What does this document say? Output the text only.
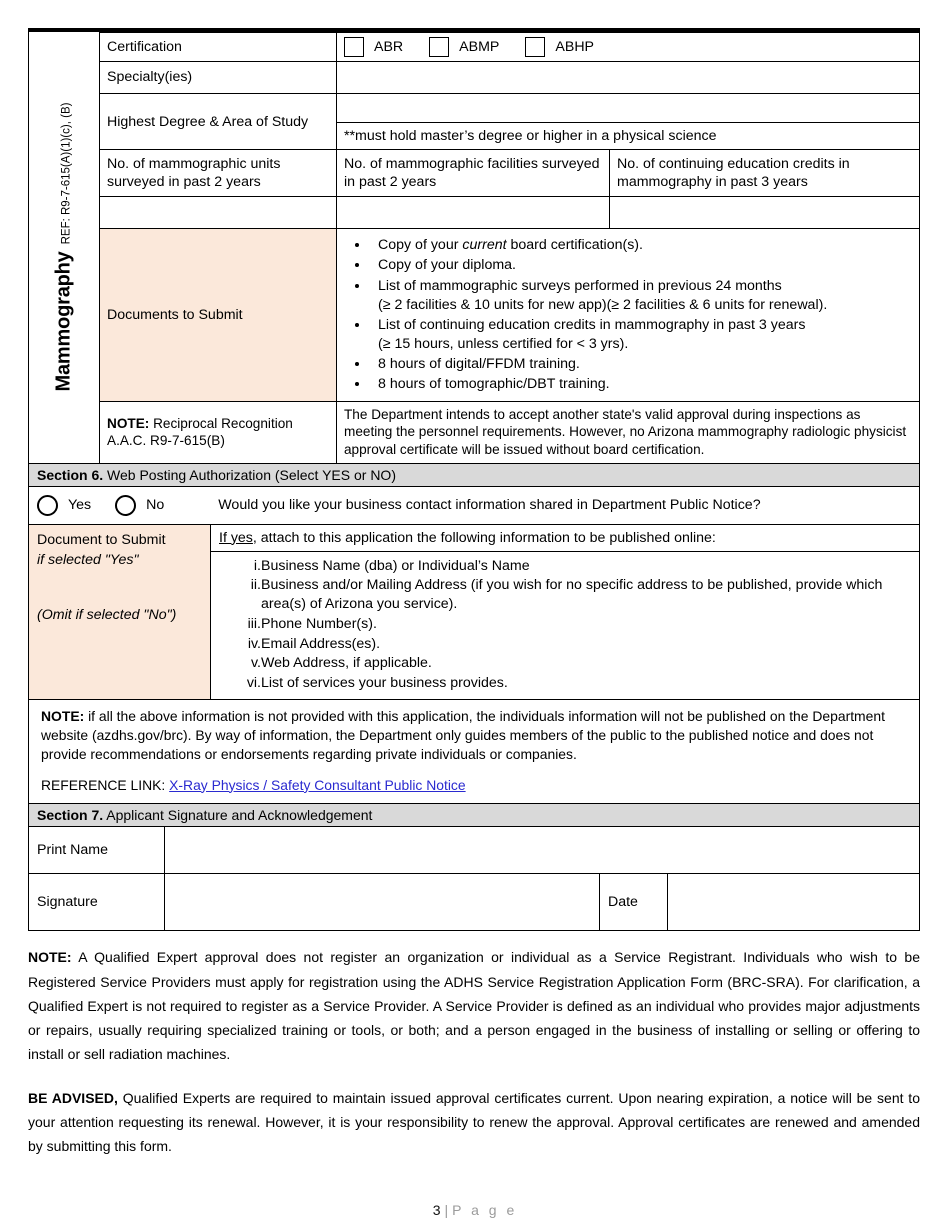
Mammography
REF: R9-7-615(A)(1)(c), (B)
Certification	ABR ABMP ABHP	

Specialty(ies)		
Highest Degree & Area of Study		
	**must hold master’s degree or higher in a physical science	
No. of mammographic units surveyed in past 2 years	No. of mammographic facilities surveyed in past 2 years	No. of continuing education credits in mammography in past 3 years

Documents to Submit	
• Copy of your current board certification(s).
• Copy of your diploma.
• List of mammographic surveys performed in previous 24 months
(≥ 2 facilities & 10 units for new app)(≥ 2 facilities & 6 units for renewal).
• List of continuing education credits in mammography in past 3 years
(≥ 15 hours, unless certified for < 3 yrs).
• 8 hours of digital/FFDM training.
• 8 hours of tomographic/DBT training.

NOTE: Reciprocal Recognition
A.A.C. R9-7-615(B)	The Department intends to accept another state's valid approval during inspections as meeting the personnel requirements. However, no Arizona mammography radiologic physicist approval certificate will be issued without board certification.	
Section 6. Web Posting Authorization (Select YES or NO)
Yes	No	Would you like your business contact information shared in Department Public Notice?
Document to Submit
if selected "Yes"
(Omit if selected "No")
	If yes, attach to this application the following information to be published online:

i.	Business Name (dba) or Individual’s Name
ii.	Business and/or Mailing Address (if you wish for no specific address to be published, provide which area(s) of Arizona you service).
iii.	Phone Number(s).
iv.	Email Address(es).
v.	Web Address, if applicable.
vi.	List of services your business provides.

NOTE: if all the above information is not provided with this application, the individuals information will not be published on the Department website (azdhs.gov/brc). By way of information, the Department only guides members of the public to the published notice and does not provide recommendations or endorsements regarding private individuals or companies.

REFERENCE LINK: X-Ray Physics / Safety Consultant Public Notice

Section 7. Applicant Signature and Acknowledgement
Print Name			
Signature		Date	
NOTE: A Qualified Expert approval does not register an organization or individual as a Service Registrant. Individuals who wish to be Registered Service Providers must apply for registration using the ADHS Service Registration Application Form (BRC-SRA). For clarification, a Qualified Expert is not required to register as a Service Provider. A Service Provider is defined as an individual who provides major adjustments or repairs, usually requiring specialized training or tools, or both; and a person engaged in the business of installing or selling or offering to install or sell radiation machines.
BE ADVISED, Qualified Experts are required to maintain issued approval certificates current. Upon nearing expiration, a notice will be sent to your attention requesting its renewal. However, it is your responsibility to renew the approval. Approval certificates are renewed and amended by submitting this form.
3 | P a g e
